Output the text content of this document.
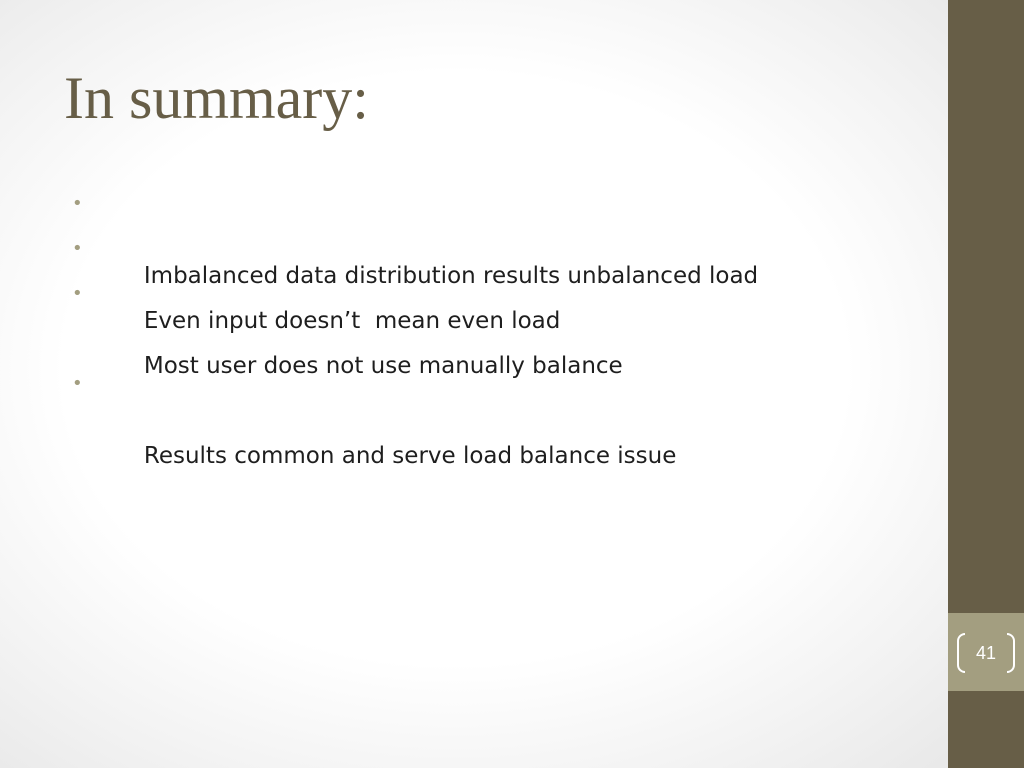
41
In summary:

•

Imbalanced data distribution results unbalanced load

•

Even input doesn’t  mean even load

•

Most user does not use manually balance

•

Results common and serve load balance issue
